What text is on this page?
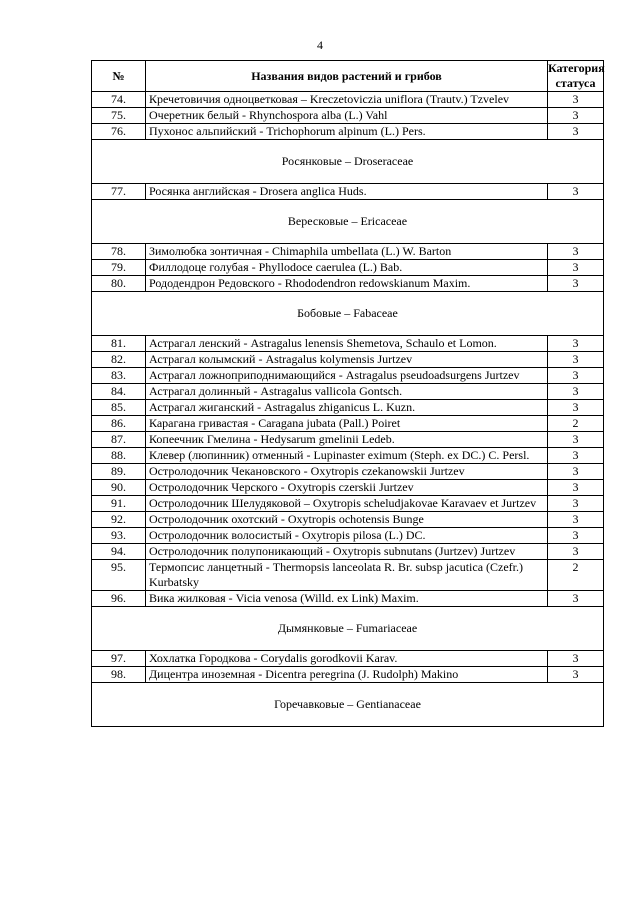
4
№	Названия видов растений и грибов	Категория статуса
74.	Кречетовичия одноцветковая – Kreczetoviczia uniflora (Trautv.) Tzvelev	3
75.	Очеретник белый - Rhynchospora alba (L.) Vahl	3
76.	Пухонос альпийский - Trichophorum alpinum (L.) Pers.	3
Росянковые – Droseraceae		
77.	Росянка английская - Drosera anglica Huds.	3
Вересковые – Ericaceae		
78.	Зимолюбка зонтичная - Chimaphila umbellata (L.) W. Barton	3
79.	Филлодоце голубая - Phyllodoce caerulea (L.) Bab.	3
80.	Рододендрон Редовского - Rhododendron redowskianum Maxim.	3
Бобовые – Fabaceae		
81.	Астрагал ленский - Astragalus lenensis Shemetova, Schaulo et Lomon.	3
82.	Астрагал колымский - Astragalus kolymensis Jurtzev	3
83.	Астрагал ложноприподнимающийся - Astragalus pseudoadsurgens Jurtzev	3
84.	Астрагал долинный - Astragalus vallicola Gontsch.	3
85.	Астрагал жиганский - Astragalus zhiganicus L. Kuzn.	3
86.	Карагана гривастая - Caragana jubata (Pall.) Poiret	2
87.	Копеечник Гмелина - Hedysarum gmelinii Ledeb.	3
88.	Клевер (люпинник) отменный - Lupinaster eximum (Steph. ex DC.) C. Persl.	3
89.	Остролодочник Чекановского - Oxytropis czekanowskii Jurtzev	3
90.	Остролодочник Черского - Oxytropis czerskii Jurtzev	3
91.	Остролодочник Шелудяковой – Oxytropis scheludjakovae Karavaev et Jurtzev	3
92.	Остролодочник охотский - Oxytropis ochotensis Bunge	3
93.	Остролодочник волосистый - Oxytropis pilosa (L.) DC.	3
94.	Остролодочник полупоникающий - Oxytropis subnutans (Jurtzev) Jurtzev	3
95.	Термопсис ланцетный - Thermopsis lanceolata R. Br. subsp jacutica (Czefr.) Kurbatsky	2
96.	Вика жилковая - Vicia venosa (Willd. ex Link) Maxim.	3
Дымянковые – Fumariaceae		
97.	Хохлатка Городкова - Corydalis gorodkovii Karav.	3
98.	Дицентра иноземная - Dicentra peregrina (J. Rudolph) Makino	3
Горечавковые – Gentianaceae		
